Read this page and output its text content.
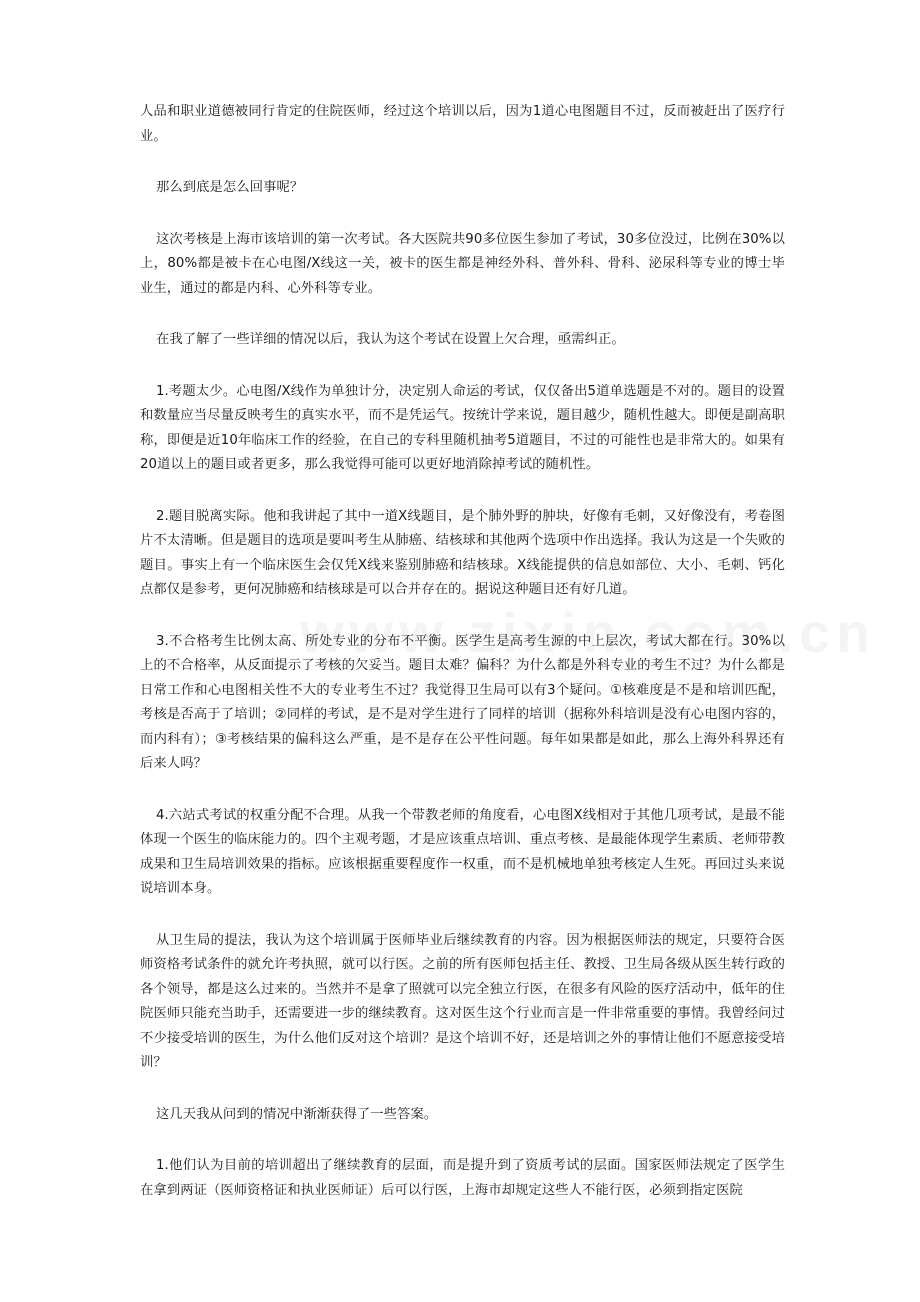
人品和职业道德被同行肯定的住院医师，经过这个培训以后，因为1道心电图题目不过，反而被赶出了医疗行业。

那么到底是怎么回事呢？

这次考核是上海市该培训的第一次考试。各大医院共90多位医生参加了考试，30多位没过，比例在30%以上，80%都是被卡在心电图/X线这一关，被卡的医生都是神经外科、普外科、骨科、泌尿科等专业的博士毕业生，通过的都是内科、心外科等专业。

在我了解了一些详细的情况以后，我认为这个考试在设置上欠合理，亟需纠正。

1.考题太少。心电图/X线作为单独计分，决定别人命运的考试，仅仅备出5道单选题是不对的。题目的设置和数量应当尽量反映考生的真实水平，而不是凭运气。按统计学来说，题目越少，随机性越大。即便是副高职称，即便是近10年临床工作的经验，在自己的专科里随机抽考5道题目，不过的可能性也是非常大的。如果有20道以上的题目或者更多，那么我觉得可能可以更好地消除掉考试的随机性。

2.题目脱离实际。他和我讲起了其中一道X线题目，是个肺外野的肿块，好像有毛刺，又好像没有，考卷图片不太清晰。但是题目的选项是要叫考生从肺癌、结核球和其他两个选项中作出选择。我认为这是一个失败的题目。事实上有一个临床医生会仅凭X线来鉴别肺癌和结核球。X线能提供的信息如部位、大小、毛刺、钙化点都仅是参考，更何况肺癌和结核球是可以合并存在的。据说这种题目还有好几道。

3.不合格考生比例太高、所处专业的分布不平衡。医学生是高考生源的中上层次，考试大都在行。30%以上的不合格率，从反面提示了考核的欠妥当。题目太难？偏科？为什么都是外科专业的考生不过？为什么都是日常工作和心电图相关性不大的专业考生不过？我觉得卫生局可以有3个疑问。①核难度是不是和培训匹配，考核是否高于了培训；②同样的考试，是不是对学生进行了同样的培训（据称外科培训是没有心电图内容的，而内科有）；③考核结果的偏科这么严重，是不是存在公平性问题。每年如果都是如此，那么上海外科界还有后来人吗？

4.六站式考试的权重分配不合理。从我一个带教老师的角度看，心电图X线相对于其他几项考试，是最不能体现一个医生的临床能力的。四个主观考题，才是应该重点培训、重点考核、是最能体现学生素质、老师带教成果和卫生局培训效果的指标。应该根据重要程度作一权重，而不是机械地单独考核定人生死。再回过头来说说培训本身。

从卫生局的提法，我认为这个培训属于医师毕业后继续教育的内容。因为根据医师法的规定，只要符合医师资格考试条件的就允许考执照，就可以行医。之前的所有医师包括主任、教授、卫生局各级从医生转行政的各个领导，都是这么过来的。当然并不是拿了照就可以完全独立行医，在很多有风险的医疗活动中，低年的住院医师只能充当助手，还需要进一步的继续教育。这对医生这个行业而言是一件非常重要的事情。我曾经问过不少接受培训的医生，为什么他们反对这个培训？是这个培训不好，还是培训之外的事情让他们不愿意接受培训？

这几天我从问到的情况中渐渐获得了一些答案。

1.他们认为目前的培训超出了继续教育的层面，而是提升到了资质考试的层面。国家医师法规定了医学生在拿到两证（医师资格证和执业医师证）后可以行医，上海市却规定这些人不能行医，必须到指定医院
